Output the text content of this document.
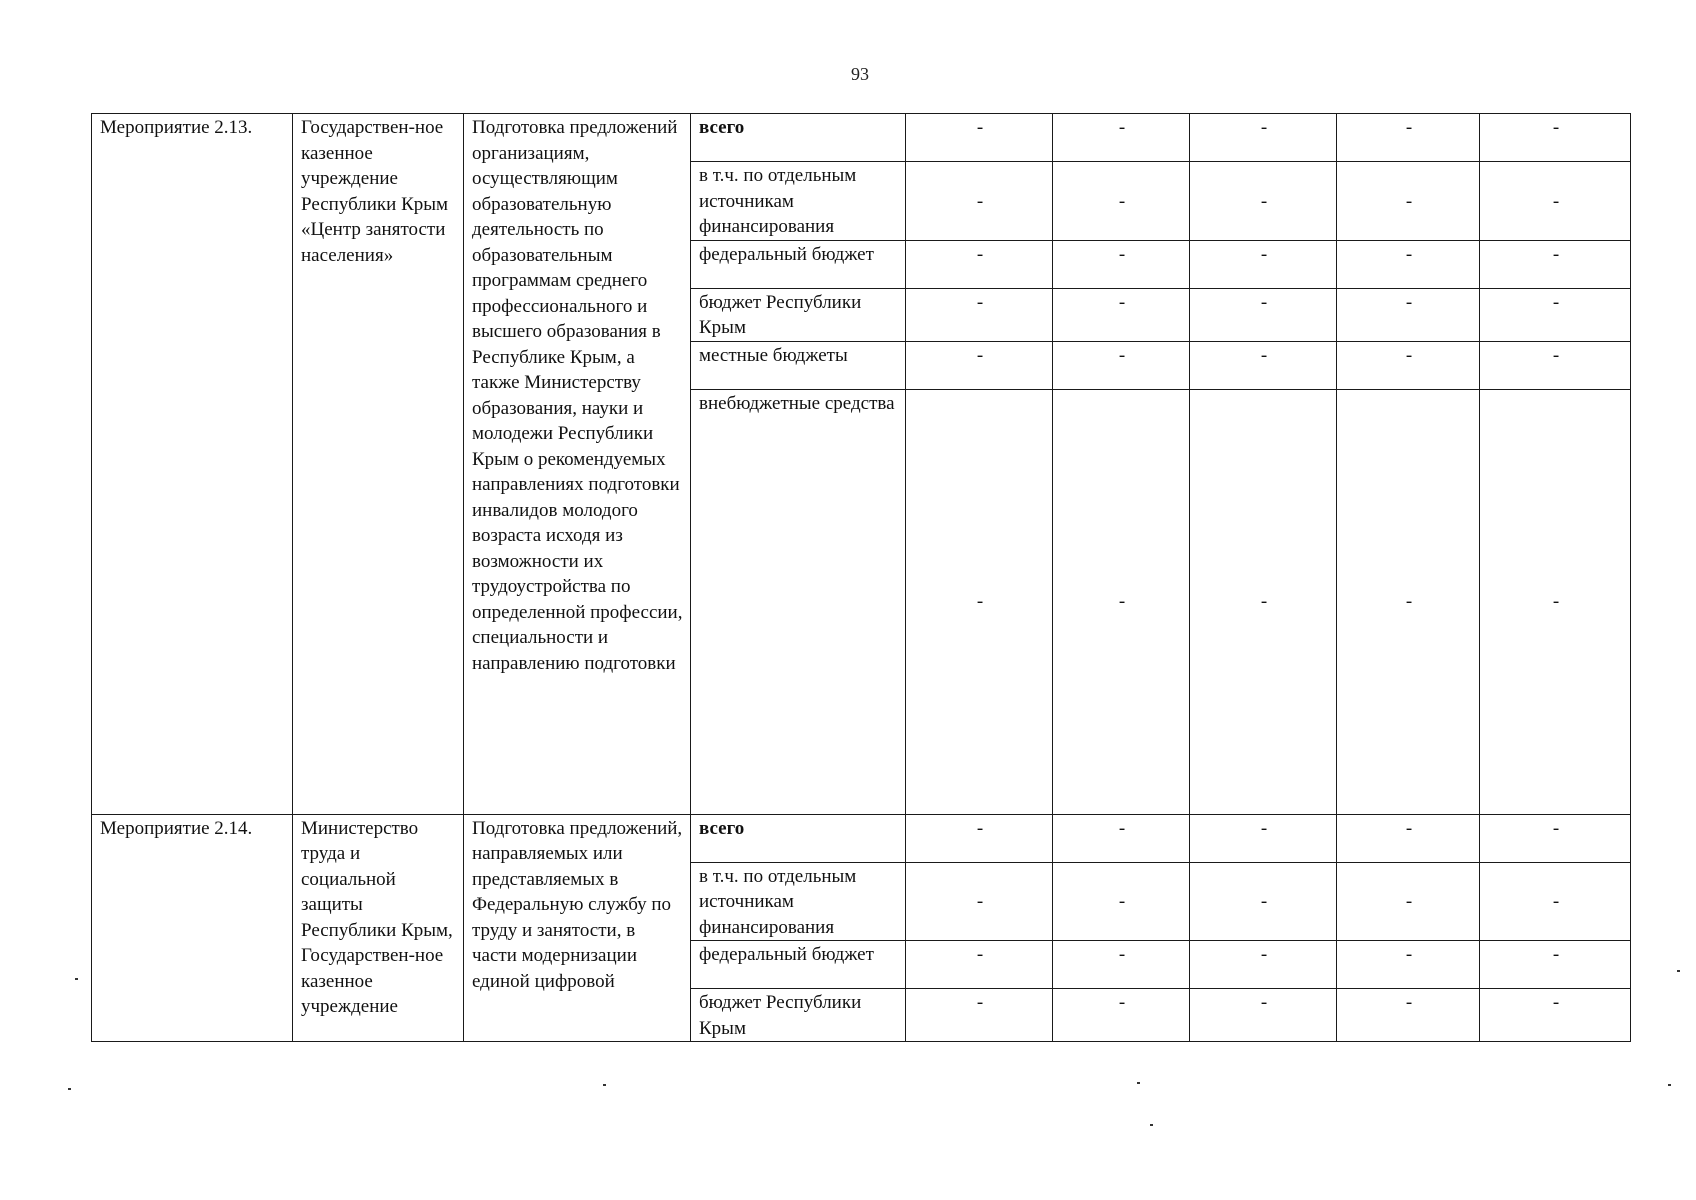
93
Мероприятие 2.13.	Государствен-ное казенное учреждение Республики Крым «Центр занятости населения»	Подготовка предложений организациям, осуществляющим образовательную деятельность по образовательным программам среднего профессионального и высшего образования в Республике Крым, а также Министерству образования, науки и молодежи Республики Крым о рекомендуемых направлениях подготовки инвалидов молодого возраста исходя из возможности их трудоустройства по определенной профессии, специальности и направлению подготовки	всего	-	-	-	-	-
			в т.ч. по отдельным источникам финансирования	-	-	-	-	-
			федеральный бюджет	-	-	-	-	-
			бюджет Республики Крым	-	-	-	-	-
			местные бюджеты	-	-	-	-	-
			внебюджетные средства	-	-	-	-	-
Мероприятие 2.14.	Министерство труда и социальной защиты Республики Крым, Государствен-ное казенное учреждение	Подготовка предложений, направляемых или представляемых в Федеральную службу по труду и занятости, в части модернизации единой цифровой	всего	-	-	-	-	-
			в т.ч. по отдельным источникам финансирования	-	-	-	-	-
			федеральный бюджет	-	-	-	-	-
			бюджет Республики Крым	-	-	-	-	-
